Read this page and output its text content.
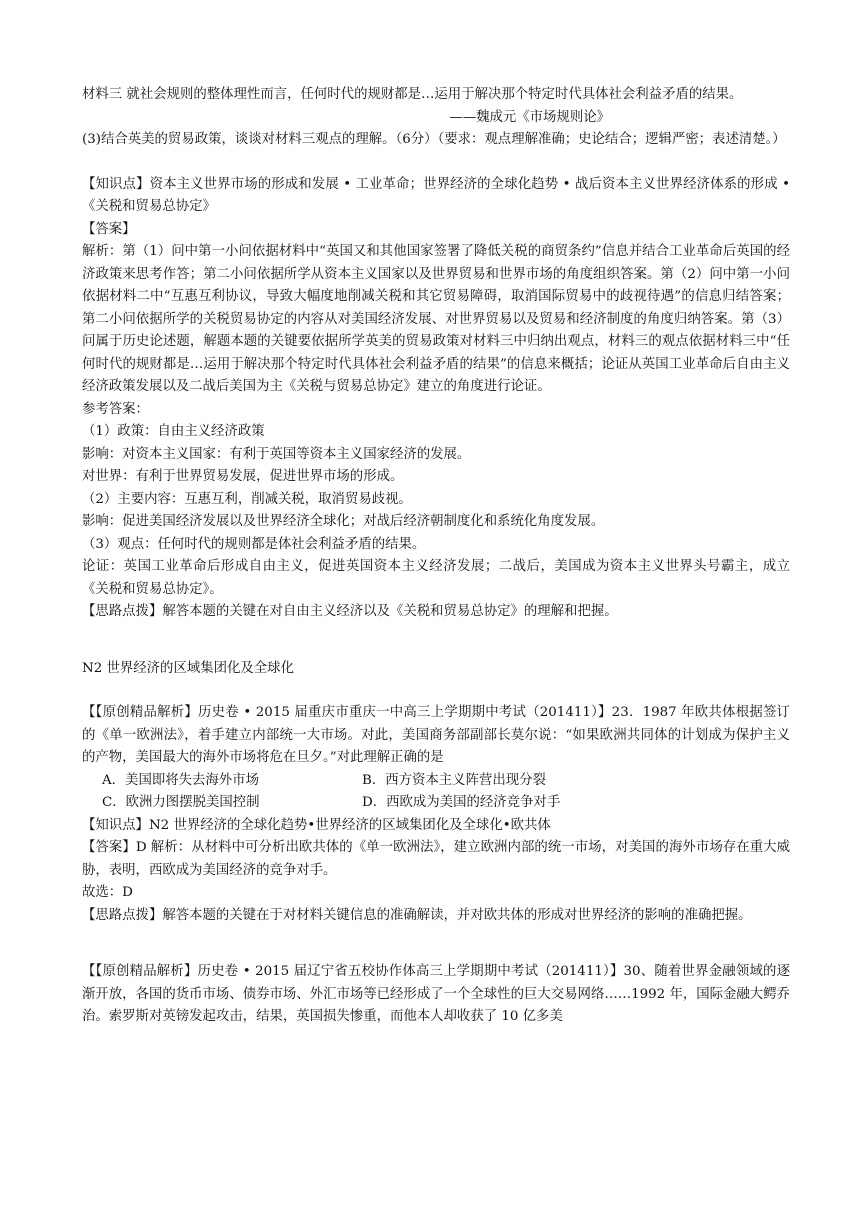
材料三 就社会规则的整体理性而言，任何时代的规财都是…运用于解决那个特定时代具体社会利益矛盾的结果。

——魏成元《市场规则论》

(3)结合英美的贸易政策，谈谈对材料三观点的理解。（6分）（要求：观点理解准确；史论结合；逻辑严密；表述清楚。）

【知识点】资本主义世界市场的形成和发展 • 工业革命；世界经济的全球化趋势 • 战后资本主义世界经济体系的形成 • 《关税和贸易总协定》

【答案】

解析：第（1）问中第一小问依据材料中“英国又和其他国家签署了降低关税的商贸条约”信息并结合工业革命后英国的经济政策来思考作答；第二小问依据所学从资本主义国家以及世界贸易和世界市场的角度组织答案。第（2）问中第一小问依据材料二中“互惠互利协议，导致大幅度地削减关税和其它贸易障碍，取消国际贸易中的歧视待遇”的信息归结答案；第二小问依据所学的关税贸易协定的内容从对美国经济发展、对世界贸易以及贸易和经济制度的角度归纳答案。第（3）问属于历史论述题，解题本题的关键要依据所学英美的贸易政策对材料三中归纳出观点，材料三的观点依据材料三中“任何时代的规财都是…运用于解决那个特定时代具体社会利益矛盾的结果”的信息来概括；论证从英国工业革命后自由主义经济政策发展以及二战后美国为主《关税与贸易总协定》建立的角度进行论证。

参考答案：

（1）政策：自由主义经济政策

影响：对资本主义国家：有利于英国等资本主义国家经济的发展。

对世界：有利于世界贸易发展，促进世界市场的形成。

（2）主要内容：互惠互利，削减关税，取消贸易歧视。

影响：促进美国经济发展以及世界经济全球化；对战后经济朝制度化和系统化角度发展。

（3）观点：任何时代的规则都是体社会利益矛盾的结果。

论证：英国工业革命后形成自由主义，促进英国资本主义经济发展；二战后，美国成为资本主义世界头号霸主，成立《关税和贸易总协定》。

【思路点拨】解答本题的关键在对自由主义经济以及《关税和贸易总协定》的理解和把握。

N2 世界经济的区域集团化及全球化

【【原创精品解析】历史卷 • 2015 届重庆市重庆一中高三上学期期中考试（201411）】23．1987 年欧共体根据签订的《单一欧洲法》，着手建立内部统一大市场。对此，美国商务部副部长莫尔说：“如果欧洲共同体的计划成为保护主义的产物，美国最大的海外市场将危在旦夕。”对此理解正确的是

A．美国即将失去海外市场	B．西方资本主义阵营出现分裂
C．欧洲力图摆脱美国控制	D．西欧成为美国的经济竞争对手

【知识点】N2 世界经济的全球化趋势•世界经济的区域集团化及全球化•欧共体

【答案】D 解析：从材料中可分析出欧共体的《单一欧洲法》，建立欧洲内部的统一市场，对美国的海外市场存在重大威胁，表明，西欧成为美国经济的竞争对手。

故选：D

【思路点拨】解答本题的关键在于对材料关键信息的准确解读，并对欧共体的形成对世界经济的影响的准确把握。

【【原创精品解析】历史卷 • 2015 届辽宁省五校协作体高三上学期期中考试（201411）】30、随着世界金融领域的逐渐开放，各国的货币市场、债券市场、外汇市场等已经形成了一个全球性的巨大交易网络……1992 年，国际金融大鳄乔治。索罗斯对英镑发起攻击，结果，英国损失惨重，而他本人却收获了 10 亿多美
